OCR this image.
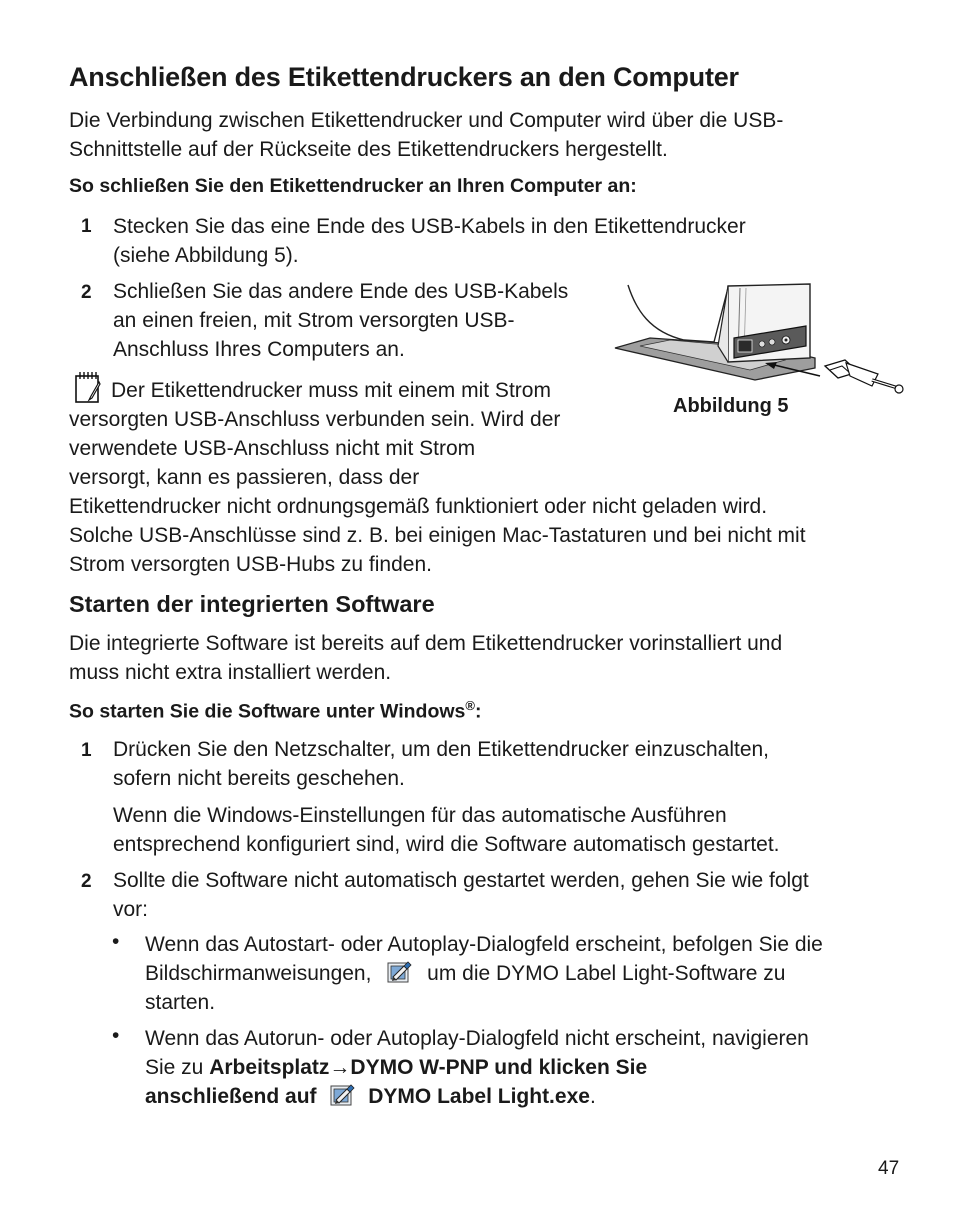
Anschließen des Etikettendruckers an den Computer
Die Verbindung zwischen Etikettendrucker und Computer wird über die USB-
Schnittstelle auf der Rückseite des Etikettendruckers hergestellt.
So schließen Sie den Etikettendrucker an Ihren Computer an:
1 Stecken Sie das eine Ende des USB-Kabels in den Etikettendrucker
(siehe Abbildung 5).
2 Schließen Sie das andere Ende des USB-Kabels
an einen freien, mit Strom versorgten USB-
Anschluss Ihres Computers an.
Der Etikettendrucker muss mit einem mit Strom
versorgten USB-Anschluss verbunden sein. Wird der
verwendete USB-Anschluss nicht mit Strom
versorgt, kann es passieren, dass der
Etikettendrucker nicht ordnungsgemäß funktioniert oder nicht geladen wird.
Solche USB-Anschlüsse sind z. B. bei einigen Mac-Tastaturen und bei nicht mit
Strom versorgten USB-Hubs zu finden.
Abbildung 5
Starten der integrierten Software
Die integrierte Software ist bereits auf dem Etikettendrucker vorinstalliert und
muss nicht extra installiert werden.
So starten Sie die Software unter Windows®:
1 Drücken Sie den Netzschalter, um den Etikettendrucker einzuschalten,
sofern nicht bereits geschehen.
Wenn die Windows-Einstellungen für das automatische Ausführen
entsprechend konfiguriert sind, wird die Software automatisch gestartet.
2 Sollte die Software nicht automatisch gestartet werden, gehen Sie wie folgt
vor:
• Wenn das Autostart- oder Autoplay-Dialogfeld erscheint, befolgen Sie die
Bildschirmanweisungen,	um die DYMO Label Light-Software zu
starten.
• Wenn das Autorun- oder Autoplay-Dialogfeld nicht erscheint, navigieren
Sie zu Arbeitsplatz→DYMO W-PNP und klicken Sie
anschließend auf DYMO Label Light.exe.
47
